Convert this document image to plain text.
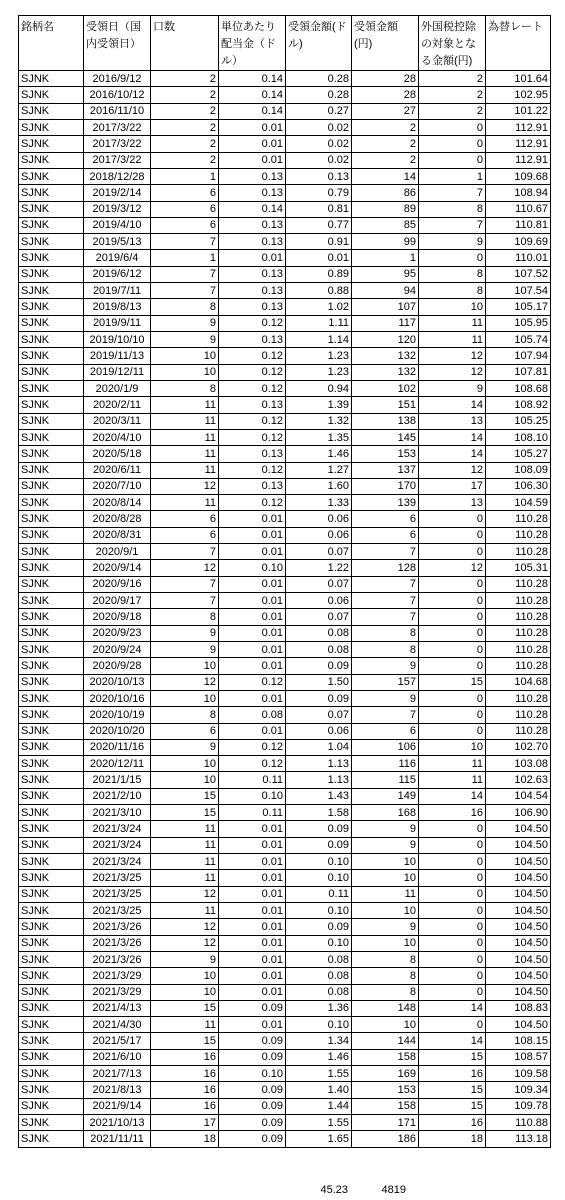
銘柄名	受領日（国内受領日）	口数	単位あたり配当金（ドル）	受領金額(ドル)	受領金額(円)	外国税控除の対象となる金額(円)	為替レート
SJNK	2016/9/12	2	0.14	0.28	28	2	101.64
SJNK	2016/10/12	2	0.14	0.28	28	2	102.95
SJNK	2016/11/10	2	0.14	0.27	27	2	101.22
SJNK	2017/3/22	2	0.01	0.02	2	0	112.91
SJNK	2017/3/22	2	0.01	0.02	2	0	112.91
SJNK	2017/3/22	2	0.01	0.02	2	0	112.91
SJNK	2018/12/28	1	0.13	0.13	14	1	109.68
SJNK	2019/2/14	6	0.13	0.79	86	7	108.94
SJNK	2019/3/12	6	0.14	0.81	89	8	110.67
SJNK	2019/4/10	6	0.13	0.77	85	7	110.81
SJNK	2019/5/13	7	0.13	0.91	99	9	109.69
SJNK	2019/6/4	1	0.01	0.01	1	0	110.01
SJNK	2019/6/12	7	0.13	0.89	95	8	107.52
SJNK	2019/7/11	7	0.13	0.88	94	8	107.54
SJNK	2019/8/13	8	0.13	1.02	107	10	105.17
SJNK	2019/9/11	9	0.12	1.11	117	11	105.95
SJNK	2019/10/10	9	0.13	1.14	120	11	105.74
SJNK	2019/11/13	10	0.12	1.23	132	12	107.94
SJNK	2019/12/11	10	0.12	1.23	132	12	107.81
SJNK	2020/1/9	8	0.12	0.94	102	9	108.68
SJNK	2020/2/11	11	0.13	1.39	151	14	108.92
SJNK	2020/3/11	11	0.12	1.32	138	13	105.25
SJNK	2020/4/10	11	0.12	1.35	145	14	108.10
SJNK	2020/5/18	11	0.13	1.46	153	14	105.27
SJNK	2020/6/11	11	0.12	1.27	137	12	108.09
SJNK	2020/7/10	12	0.13	1.60	170	17	106.30
SJNK	2020/8/14	11	0.12	1.33	139	13	104.59
SJNK	2020/8/28	6	0.01	0.06	6	0	110.28
SJNK	2020/8/31	6	0.01	0.06	6	0	110.28
SJNK	2020/9/1	7	0.01	0.07	7	0	110.28
SJNK	2020/9/14	12	0.10	1.22	128	12	105.31
SJNK	2020/9/16	7	0.01	0.07	7	0	110.28
SJNK	2020/9/17	7	0.01	0.06	7	0	110.28
SJNK	2020/9/18	8	0.01	0.07	7	0	110.28
SJNK	2020/9/23	9	0.01	0.08	8	0	110.28
SJNK	2020/9/24	9	0.01	0.08	8	0	110.28
SJNK	2020/9/28	10	0.01	0.09	9	0	110.28
SJNK	2020/10/13	12	0.12	1.50	157	15	104.68
SJNK	2020/10/16	10	0.01	0.09	9	0	110.28
SJNK	2020/10/19	8	0.08	0.07	7	0	110.28
SJNK	2020/10/20	6	0.01	0.06	6	0	110.28
SJNK	2020/11/16	9	0.12	1.04	106	10	102.70
SJNK	2020/12/11	10	0.12	1.13	116	11	103.08
SJNK	2021/1/15	10	0.11	1.13	115	11	102.63
SJNK	2021/2/10	15	0.10	1.43	149	14	104.54
SJNK	2021/3/10	15	0.11	1.58	168	16	106.90
SJNK	2021/3/24	11	0.01	0.09	9	0	104.50
SJNK	2021/3/24	11	0.01	0.09	9	0	104.50
SJNK	2021/3/24	11	0.01	0.10	10	0	104.50
SJNK	2021/3/25	11	0.01	0.10	10	0	104.50
SJNK	2021/3/25	12	0.01	0.11	11	0	104.50
SJNK	2021/3/25	11	0.01	0.10	10	0	104.50
SJNK	2021/3/26	12	0.01	0.09	9	0	104.50
SJNK	2021/3/26	12	0.01	0.10	10	0	104.50
SJNK	2021/3/26	9	0.01	0.08	8	0	104.50
SJNK	2021/3/29	10	0.01	0.08	8	0	104.50
SJNK	2021/3/29	10	0.01	0.08	8	0	104.50
SJNK	2021/4/13	15	0.09	1.36	148	14	108.83
SJNK	2021/4/30	11	0.01	0.10	10	0	104.50
SJNK	2021/5/17	15	0.09	1.34	144	14	108.15
SJNK	2021/6/10	16	0.09	1.46	158	15	108.57
SJNK	2021/7/13	16	0.10	1.55	169	16	109.58
SJNK	2021/8/13	16	0.09	1.40	153	15	109.34
SJNK	2021/9/14	16	0.09	1.44	158	15	109.78
SJNK	2021/10/13	17	0.09	1.55	171	16	110.88
SJNK	2021/11/11	18	0.09	1.65	186	18	113.18
45.23	4819
